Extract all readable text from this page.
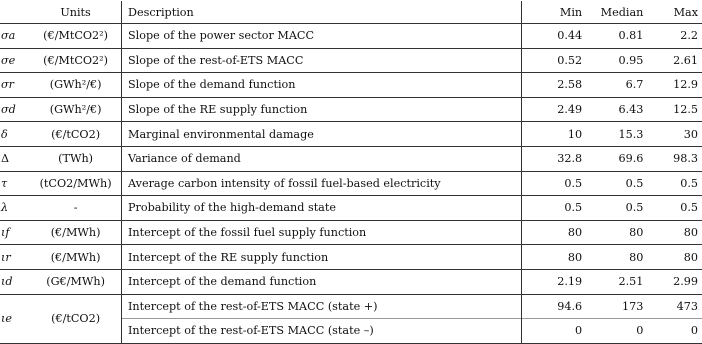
	Units	Description	Min	Median	Max
σa	(€/MtCO2²)	Slope of the power sector MACC	0.44	0.81	2.2
σe	(€/MtCO2²)	Slope of the rest-of-ETS MACC	0.52	0.95	2.61
σr	(GWh²/€)	Slope of the demand function	2.58	6.7	12.9
σd	(GWh²/€)	Slope of the RE supply function	2.49	6.43	12.5
δ	(€/tCO2)	Marginal environmental damage	10	15.3	30
Δ	(TWh)	Variance of demand	32.8	69.6	98.3
τ	(tCO2/MWh)	Average carbon intensity of fossil fuel-based electricity	0.5	0.5	0.5
λ	-	Probability of the high-demand state	0.5	0.5	0.5
ιf	(€/MWh)	Intercept of the fossil fuel supply function	80	80	80
ιr	(€/MWh)	Intercept of the RE supply function	80	80	80
ιd	(G€/MWh)	Intercept of the demand function	2.19	2.51	2.99
ιe	(€/tCO2)	Intercept of the rest-of-ETS MACC (state +)	94.6	173	473
		Intercept of the rest-of-ETS MACC (state –)	0	0	0
